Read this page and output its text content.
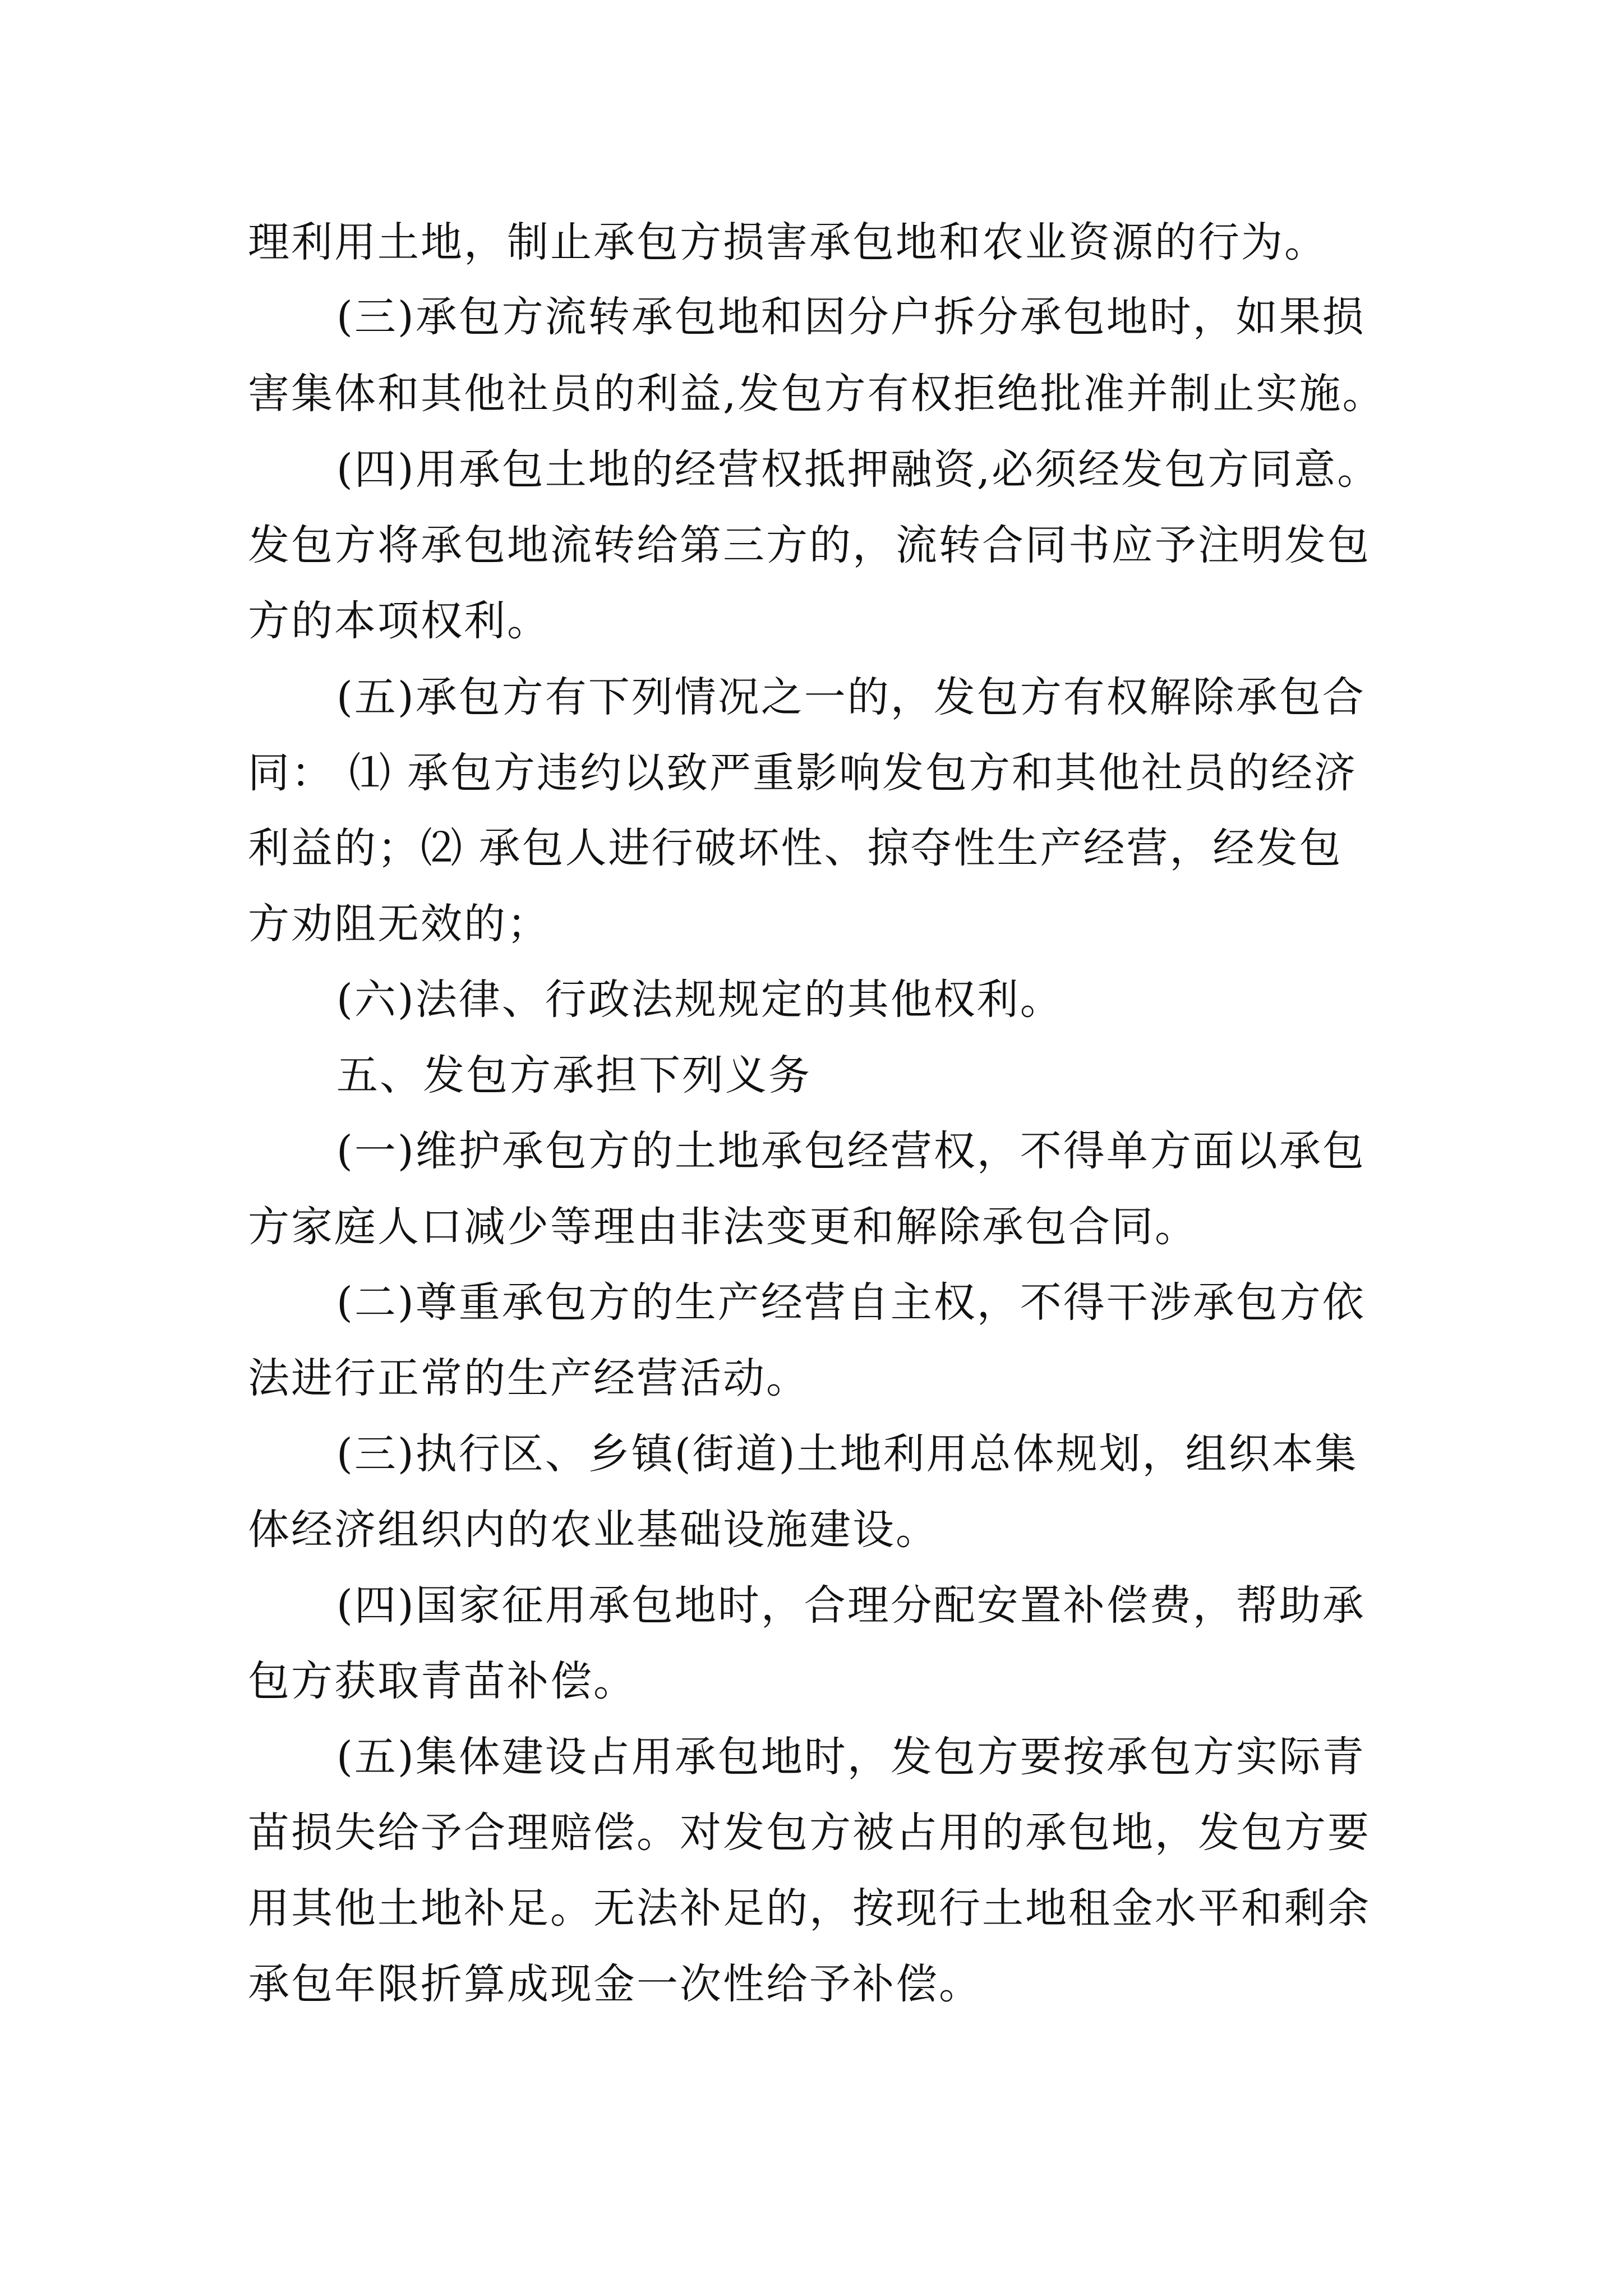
理利用土地，制止承包方损害承包地和农业资源的行为。

(三)承包方流转承包地和因分户拆分承包地时，如果损

害集体和其他社员的利益,发包方有权拒绝批准并制止实施。

(四)用承包土地的经营权抵押融资,必须经发包方同意。

发包方将承包地流转给第三方的，流转合同书应予注明发包

方的本项权利。

(五)承包方有下列情况之一的，发包方有权解除承包合

同： ⑴ 承包方违约以致严重影响发包方和其他社员的经济

利益的；⑵ 承包人进行破坏性、掠夺性生产经营，经发包

方劝阻无效的；

(六)法律、行政法规规定的其他权利。

五、发包方承担下列义务

(一)维护承包方的土地承包经营权，不得单方面以承包

方家庭人口减少等理由非法变更和解除承包合同。

(二)尊重承包方的生产经营自主权，不得干涉承包方依

法进行正常的生产经营活动。

(三)执行区、乡镇(街道)土地利用总体规划，组织本集

体经济组织内的农业基础设施建设。

(四)国家征用承包地时，合理分配安置补偿费，帮助承

包方获取青苗补偿。

(五)集体建设占用承包地时，发包方要按承包方实际青

苗损失给予合理赔偿。对发包方被占用的承包地，发包方要

用其他土地补足。无法补足的，按现行土地租金水平和剩余

承包年限折算成现金一次性给予补偿。
